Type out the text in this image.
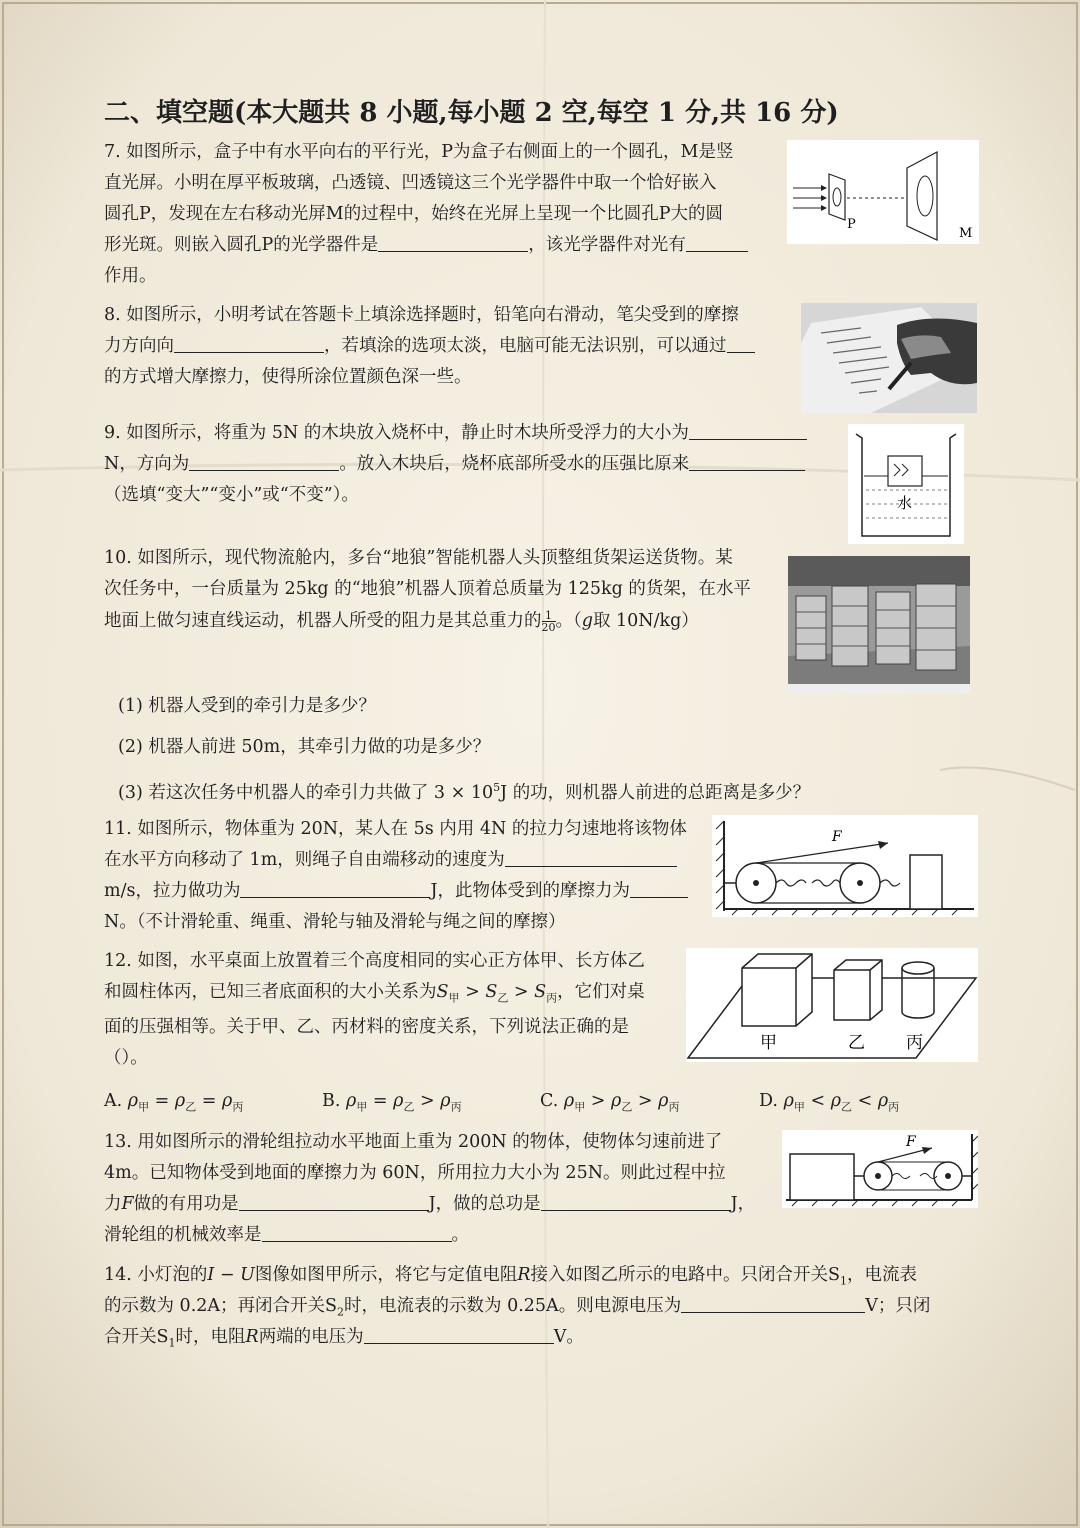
二、填空题(本大题共 8 小题,每小题 2 空,每空 1 分,共 16 分)
7. 如图所示，盒子中有水平向右的平行光，P为盒子右侧面上的一个圆孔，M是竖
直光屏。小明在厚平板玻璃，凸透镜、凹透镜这三个光学器件中取一个恰好嵌入
圆孔P，发现在左右移动光屏M的过程中，始终在光屏上呈现一个比圆孔P大的圆
形光斑。则嵌入圆孔P的光学器件是	，该光学器件对光有
作用。
P
M
8. 如图所示，小明考试在答题卡上填涂选择题时，铅笔向右滑动，笔尖受到的摩擦
力方向向	，若填涂的选项太淡，电脑可能无法识别，可以通过
的方式增大摩擦力，使得所涂位置颜色深一些。
9. 如图所示，将重为 5N 的木块放入烧杯中，静止时木块所受浮力的大小为
N，方向为	。放入木块后，烧杯底部所受水的压强比原来
（选填“变大”“变小”或“不变”）。	水
10. 如图所示，现代物流舱内，多台“地狼”智能机器人头顶整组货架运送货物。某
次任务中，一台质量为 25kg 的“地狼”机器人顶着总质量为 125kg 的货架，在水平
地面上做匀速直线运动，机器人所受的阻力是其总重力的 $\frac{1}{20}$ 。（g取 10N/kg）
(1) 机器人受到的牵引力是多少？
(2) 机器人前进 50m，其牵引力做的功是多少？
(3) 若这次任务中机器人的牵引力共做了 $3 \times 10^5J$ 的功，则机器人前进的总距离是多少？
11. 如图所示，物体重为 20N，某人在 5s 内用 4N 的拉力匀速地将该物体
在水平方向移动了 1m，则绳子自由端移动的速度为
m/s，拉力做功为	J，此物体受到的摩擦力为
N。（不计滑轮重、绳重、滑轮与轴及滑轮与绳之间的摩擦）
F
12. 如图，水平桌面上放置着三个高度相同的实心正方体甲、长方体乙
和圆柱体丙，已知三者底面积的大小关系为$S_甲 > S_乙 > S_丙$，它们对桌
面的压强相等。关于甲、乙、丙材料的密度关系，下列说法正确的是
（）。
A. $\rho_甲 = \rho_乙 = \rho_丙$	B. $\rho_甲 = \rho_乙 > \rho_丙$	C. $\rho_甲 > \rho_乙 > \rho_丙$	D. $\rho_甲 < \rho_乙 < \rho_丙$
甲	乙 丙
13. 用如图所示的滑轮组拉动水平地面上重为 200N 的物体，使物体匀速前进了
4m。已知物体受到地面的摩擦力为 60N，所用拉力大小为 25N。则此过程中拉
力F做的有用功是	J，做的总功是	J，
滑轮组的机械效率是	。
F
14. 小灯泡的I − U图像如图甲所示，将它与定值电阻R接入如图乙所示的电路中。只闭合开关$S_1$，电流表
的示数为 0.2A；再闭合开关$S_2$时，电流表的示数为 0.25A。则电源电压为	V；只闭
合开关$S_1$时，电阻R两端的电压为	V。
